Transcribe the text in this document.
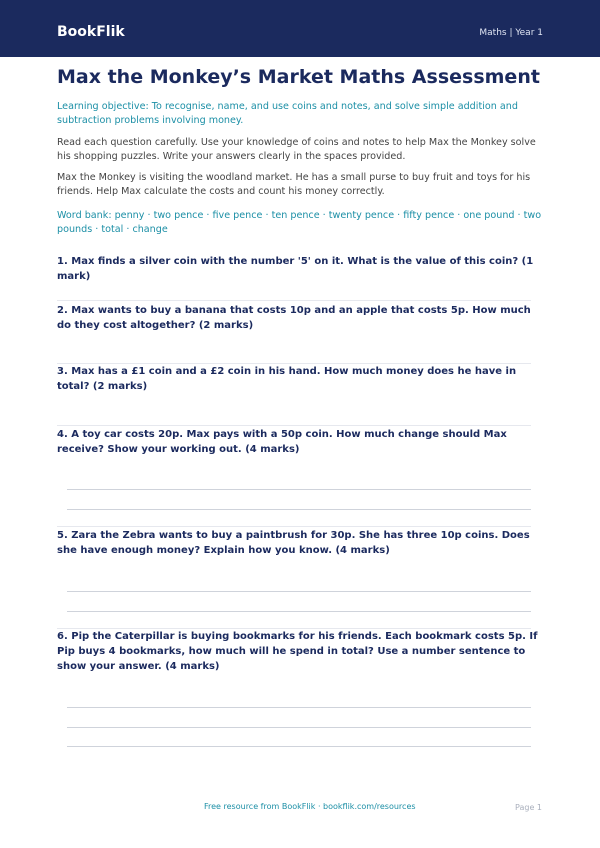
BookFlik	Maths | Year 1
Max the Monkey’s Market Maths Assessment
Learning objective: To recognise, name, and use coins and notes, and solve simple addition and subtraction problems involving money.
Read each question carefully. Use your knowledge of coins and notes to help Max the Monkey solve his shopping puzzles. Write your answers clearly in the spaces provided.
Max the Monkey is visiting the woodland market. He has a small purse to buy fruit and toys for his friends. Help Max calculate the costs and count his money correctly.
Word bank: penny · two pence · five pence · ten pence · twenty pence · fifty pence · one pound · two pounds · total · change
1. Max finds a silver coin with the number '5' on it. What is the value of this coin? (1 mark)
2. Max wants to buy a banana that costs 10p and an apple that costs 5p. How much do they cost altogether? (2 marks)
3. Max has a £1 coin and a £2 coin in his hand. How much money does he have in total? (2 marks)
4. A toy car costs 20p. Max pays with a 50p coin. How much change should Max receive? Show your working out. (4 marks)
5. Zara the Zebra wants to buy a paintbrush for 30p. She has three 10p coins. Does she have enough money? Explain how you know. (4 marks)
6. Pip the Caterpillar is buying bookmarks for his friends. Each bookmark costs 5p. If Pip buys 4 bookmarks, how much will he spend in total? Use a number sentence to show your answer. (4 marks)
Free resource from BookFlik · bookflik.com/resources	Page 1
